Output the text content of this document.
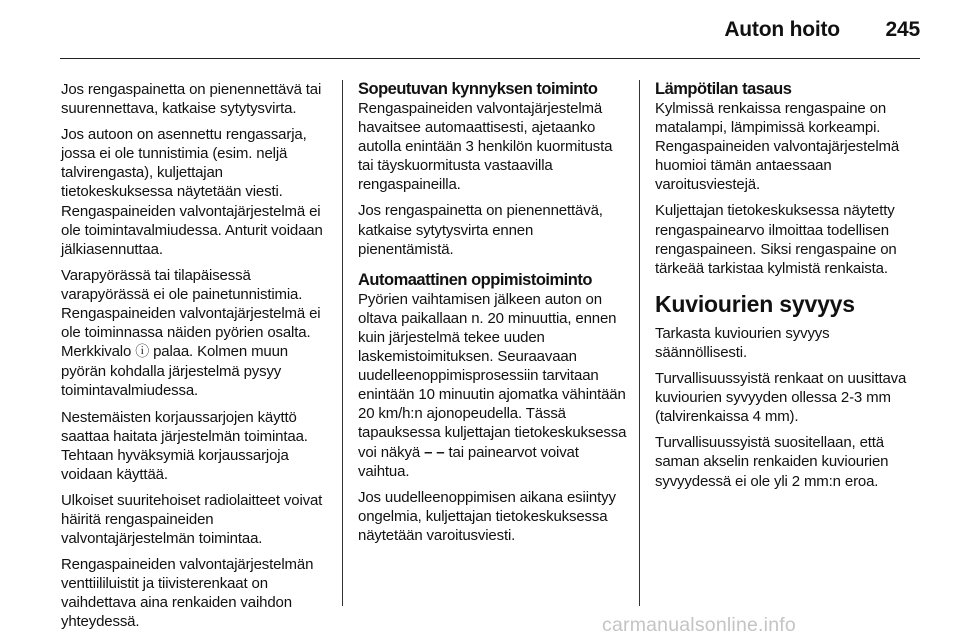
Auton hoito 245

Jos rengaspainetta on pienennettävä tai suurennettava, katkaise sytytysvirta.

Jos autoon on asennettu rengassarja, jossa ei ole tunnistimia (esim. neljä talvirengasta), kuljettajan tietokeskuksessa näytetään viesti. Rengaspaineiden valvontajärjestelmä ei ole toimintavalmiudessa. Anturit voidaan jälkiasennuttaa.

Varapyörässä tai tilapäisessä varapyörässä ei ole painetunnistimia. Rengaspaineiden valvontajärjestelmä ei ole toiminnassa näiden pyörien osalta. Merkkivalo ⓘ palaa. Kolmen muun pyörän kohdalla järjestelmä pysyy toimintavalmiudessa.

Nestemäisten korjaussarjojen käyttö saattaa haitata järjestelmän toimintaa. Tehtaan hyväksymiä korjaussarjoja voidaan käyttää.

Ulkoiset suuritehoiset radiolaitteet voivat häiritä rengaspaineiden valvontajärjestelmän toimintaa.

Rengaspaineiden valvontajärjestelmän venttiililuistit ja tiivisterenkaat on vaihdettava aina renkaiden vaihdon yhteydessä.

Sopeutuvan kynnyksen toiminto

Rengaspaineiden valvontajärjestelmä havaitsee automaattisesti, ajetaanko autolla enintään 3 henkilön kuormitusta tai täyskuormitusta vastaavilla rengaspaineilla.

Jos rengaspainetta on pienennettävä, katkaise sytytysvirta ennen pienentämistä.

Automaattinen oppimistoiminto

Pyörien vaihtamisen jälkeen auton on oltava paikallaan n. 20 minuuttia, ennen kuin järjestelmä tekee uuden laskemistoimituksen. Seuraavaan uudelleenoppimisprosessiin tarvitaan enintään 10 minuutin ajomatka vähintään 20 km/h:n ajonopeudella. Tässä tapauksessa kuljettajan tietokeskuksessa voi näkyä – – tai painearvot voivat vaihtua.

Jos uudelleenoppimisen aikana esiintyy ongelmia, kuljettajan tietokeskuksessa näytetään varoitusviesti.

Lämpötilan tasaus

Kylmissä renkaissa rengaspaine on matalampi, lämpimissä korkeampi. Rengaspaineiden valvontajärjestelmä huomioi tämän antaessaan varoitusviestejä.

Kuljettajan tietokeskuksessa näytetty rengaspainearvo ilmoittaa todellisen rengaspaineen. Siksi rengaspaine on tärkeää tarkistaa kylmistä renkaista.

Kuviourien syvyys

Tarkasta kuviourien syvyys säännöllisesti.

Turvallisuussyistä renkaat on uusittava kuviourien syvyyden ollessa 2-3 mm (talvirenkaissa 4 mm).

Turvallisuussyistä suositellaan, että saman akselin renkaiden kuviourien syvyydessä ei ole yli 2 mm:n eroa.

carmanualsonline.info
